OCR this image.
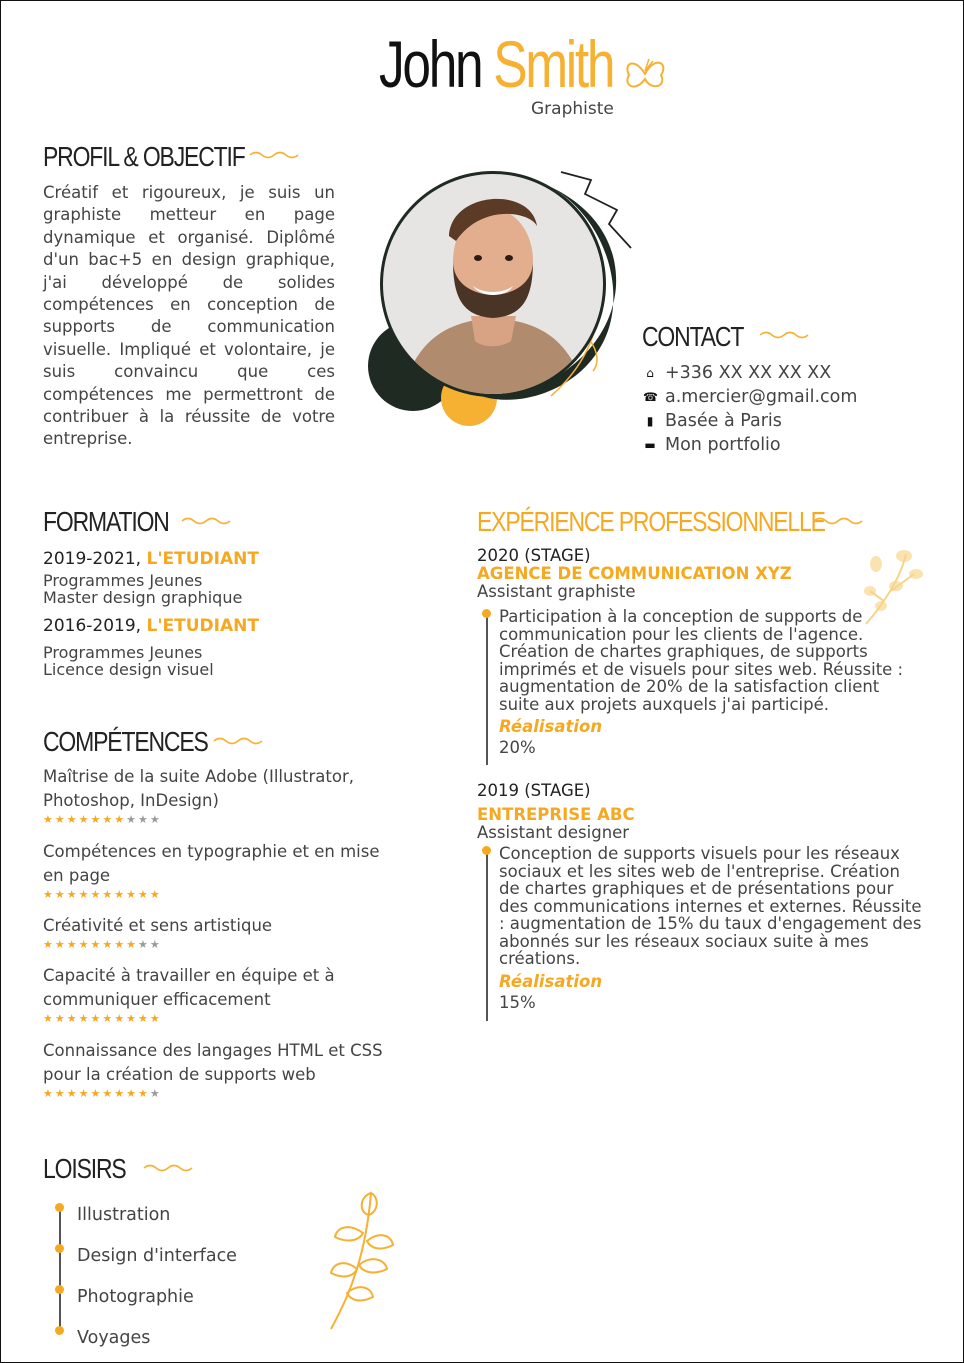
John Smith
Graphiste
PROFIL & OBJECTIF
Créatif et rigoureux, je suis un graphiste metteur en page dynamique et organisé. Diplômé d'un bac+5 en design graphique, j'ai développé de solides compétences en conception de supports de communication visuelle. Impliqué et volontaire, je suis convaincu que ces compétences me permettront de contribuer à la réussite de votre entreprise.
CONTACT
⌂ +336 XX XX XX XX
☎ a.mercier@gmail.com
▮ Basée à Paris
▬ Mon portfolio
FORMATION
2019-2021, L'ETUDIANT
Programmes Jeunes
Master design graphique
2016-2019, L'ETUDIANT
Programmes Jeunes
Licence design visuel
COMPÉTENCES
Maîtrise de la suite Adobe (Illustrator, Photoshop, InDesign)
★★★★★★★★★★
Compétences en typographie et en mise en page
★★★★★★★★★★
Créativité et sens artistique
★★★★★★★★★★
Capacité à travailler en équipe et à communiquer efficacement
★★★★★★★★★★
Connaissance des langages HTML et CSS pour la création de supports web
★★★★★★★★★★
EXPÉRIENCE PROFESSIONNELLE
2020 (STAGE)
AGENCE DE COMMUNICATION XYZ
Assistant graphiste
Participation à la conception de supports de communication pour les clients de l'agence. Création de chartes graphiques, de supports imprimés et de visuels pour sites web. Réussite : augmentation de 20% de la satisfaction client suite aux projets auxquels j'ai participé.
Réalisation
20%
2019 (STAGE)
ENTREPRISE ABC
Assistant designer
Conception de supports visuels pour les réseaux sociaux et les sites web de l'entreprise. Création de chartes graphiques et de présentations pour des communications internes et externes. Réussite : augmentation de 15% du taux d'engagement des abonnés sur les réseaux sociaux suite à mes créations.
Réalisation
15%
LOISIRS
Illustration
Design d'interface
Photographie
Voyages
